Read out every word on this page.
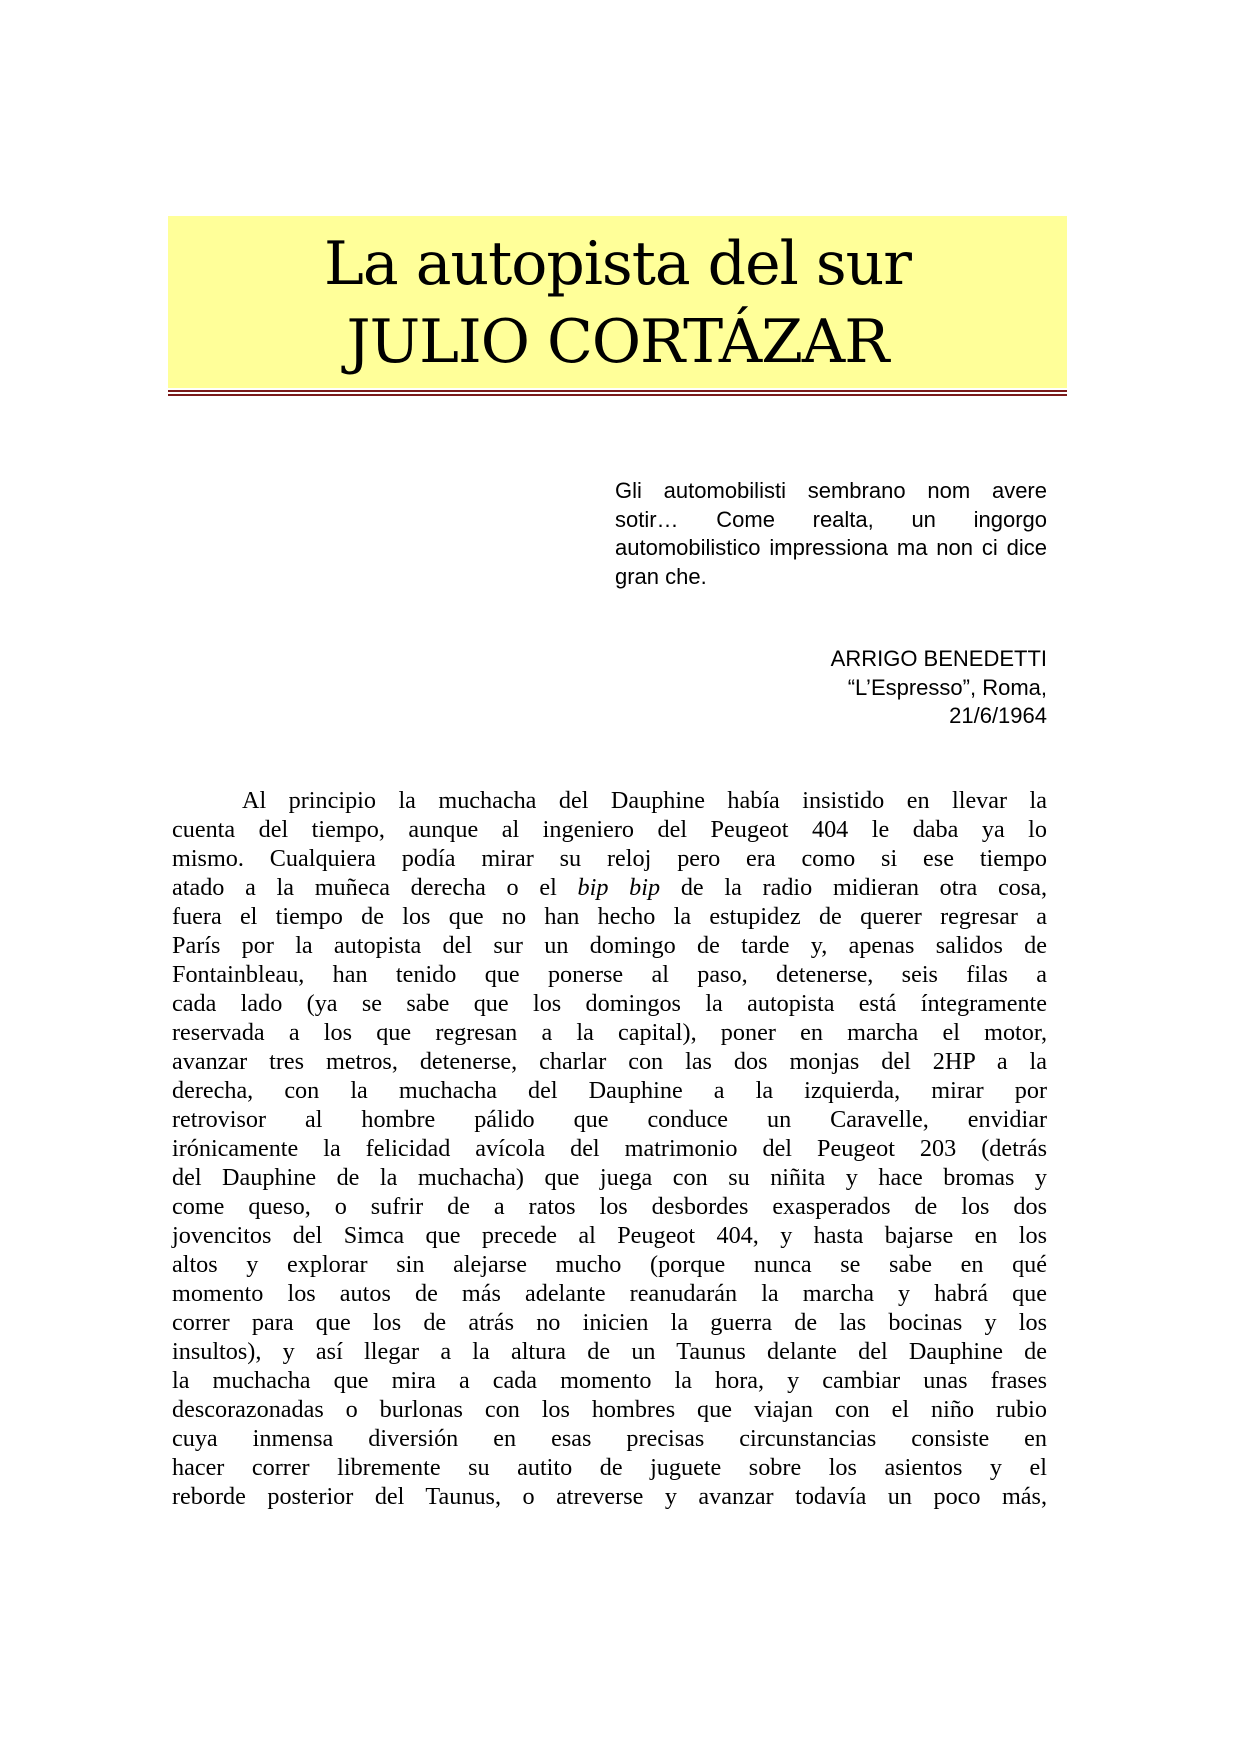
La autopista del sur
JULIO CORTÁZAR
Gli automobilisti sembrano nom avere sotir… Come realta, un ingorgo automobilistico impressiona ma non ci dice gran che.
ARRIGO BENEDETTI
“L’Espresso”, Roma,
21/6/1964
Al principio la muchacha del Dauphine había insistido en llevar la
cuenta del tiempo, aunque al ingeniero del Peugeot 404 le daba ya lo
mismo. Cualquiera podía mirar su reloj pero era como si ese tiempo
atado a la muñeca derecha o el bip bip de la radio midieran otra cosa,
fuera el tiempo de los que no han hecho la estupidez de querer regresar a
París por la autopista del sur un domingo de tarde y, apenas salidos de
Fontainbleau, han tenido que ponerse al paso, detenerse, seis filas a
cada lado (ya se sabe que los domingos la autopista está íntegramente
reservada a los que regresan a la capital), poner en marcha el motor,
avanzar tres metros, detenerse, charlar con las dos monjas del 2HP a la
derecha, con la muchacha del Dauphine a la izquierda, mirar por
retrovisor al hombre pálido que conduce un Caravelle, envidiar
irónicamente la felicidad avícola del matrimonio del Peugeot 203 (detrás
del Dauphine de la muchacha) que juega con su niñita y hace bromas y
come queso, o sufrir de a ratos los desbordes exasperados de los dos
jovencitos del Simca que precede al Peugeot 404, y hasta bajarse en los
altos y explorar sin alejarse mucho (porque nunca se sabe en qué
momento los autos de más adelante reanudarán la marcha y habrá que
correr para que los de atrás no inicien la guerra de las bocinas y los
insultos), y así llegar a la altura de un Taunus delante del Dauphine de
la muchacha que mira a cada momento la hora, y cambiar unas frases
descorazonadas o burlonas con los hombres que viajan con el niño rubio
cuya inmensa diversión en esas precisas circunstancias consiste en
hacer correr libremente su autito de juguete sobre los asientos y el
reborde posterior del Taunus, o atreverse y avanzar todavía un poco más,
